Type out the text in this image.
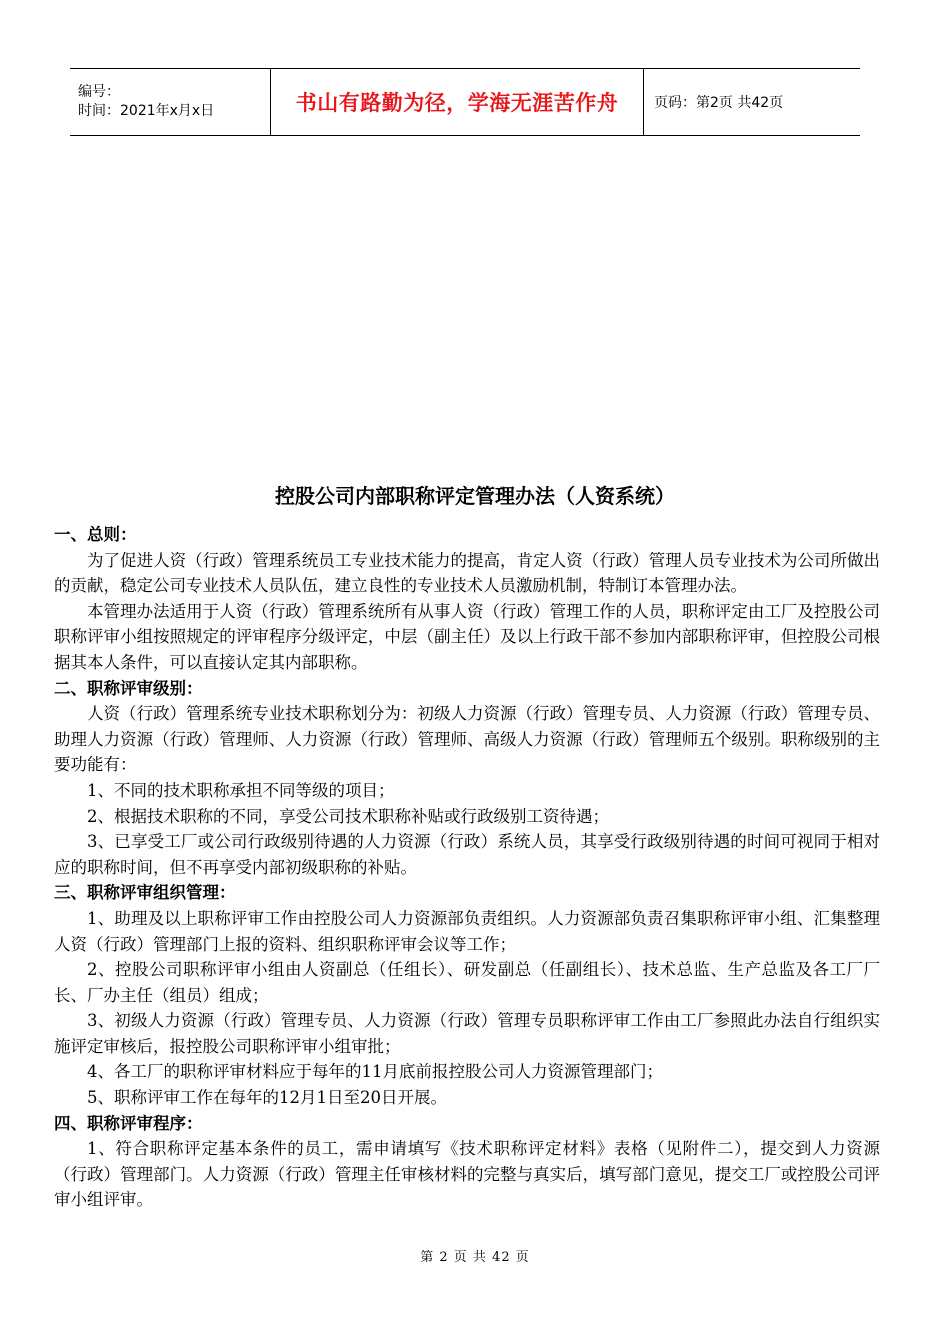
编号：
时间：2021年x月x日	书山有路勤为径，学海无涯苦作舟	页码：第2页 共42页
控股公司内部职称评定管理办法（人资系统）
一、总则：

为了促进人资（行政）管理系统员工专业技术能力的提高，肯定人资（行政）管理人员专业技术为公司所做出的贡献，稳定公司专业技术人员队伍，建立良性的专业技术人员激励机制，特制订本管理办法。

本管理办法适用于人资（行政）管理系统所有从事人资（行政）管理工作的人员，职称评定由工厂及控股公司职称评审小组按照规定的评审程序分级评定，中层（副主任）及以上行政干部不参加内部职称评审，但控股公司根据其本人条件，可以直接认定其内部职称。

二、职称评审级别：

人资（行政）管理系统专业技术职称划分为：初级人力资源（行政）管理专员、人力资源（行政）管理专员、助理人力资源（行政）管理师、人力资源（行政）管理师、高级人力资源（行政）管理师五个级别。职称级别的主要功能有：

1、不同的技术职称承担不同等级的项目；

2、根据技术职称的不同，享受公司技术职称补贴或行政级别工资待遇；

3、已享受工厂或公司行政级别待遇的人力资源（行政）系统人员，其享受行政级别待遇的时间可视同于相对应的职称时间，但不再享受内部初级职称的补贴。

三、职称评审组织管理：

1、助理及以上职称评审工作由控股公司人力资源部负责组织。人力资源部负责召集职称评审小组、汇集整理人资（行政）管理部门上报的资料、组织职称评审会议等工作；

2、控股公司职称评审小组由人资副总（任组长）、研发副总（任副组长）、技术总监、生产总监及各工厂厂长、厂办主任（组员）组成；

3、初级人力资源（行政）管理专员、人力资源（行政）管理专员职称评审工作由工厂参照此办法自行组织实施评定审核后，报控股公司职称评审小组审批；

4、各工厂的职称评审材料应于每年的11月底前报控股公司人力资源管理部门；

5、职称评审工作在每年的12月1日至20日开展。

四、职称评审程序：

1、符合职称评定基本条件的员工，需申请填写《技术职称评定材料》表格（见附件二），提交到人力资源（行政）管理部门。人力资源（行政）管理主任审核材料的完整与真实后，填写部门意见，提交工厂或控股公司评审小组评审。

第 2 页 共 42 页
